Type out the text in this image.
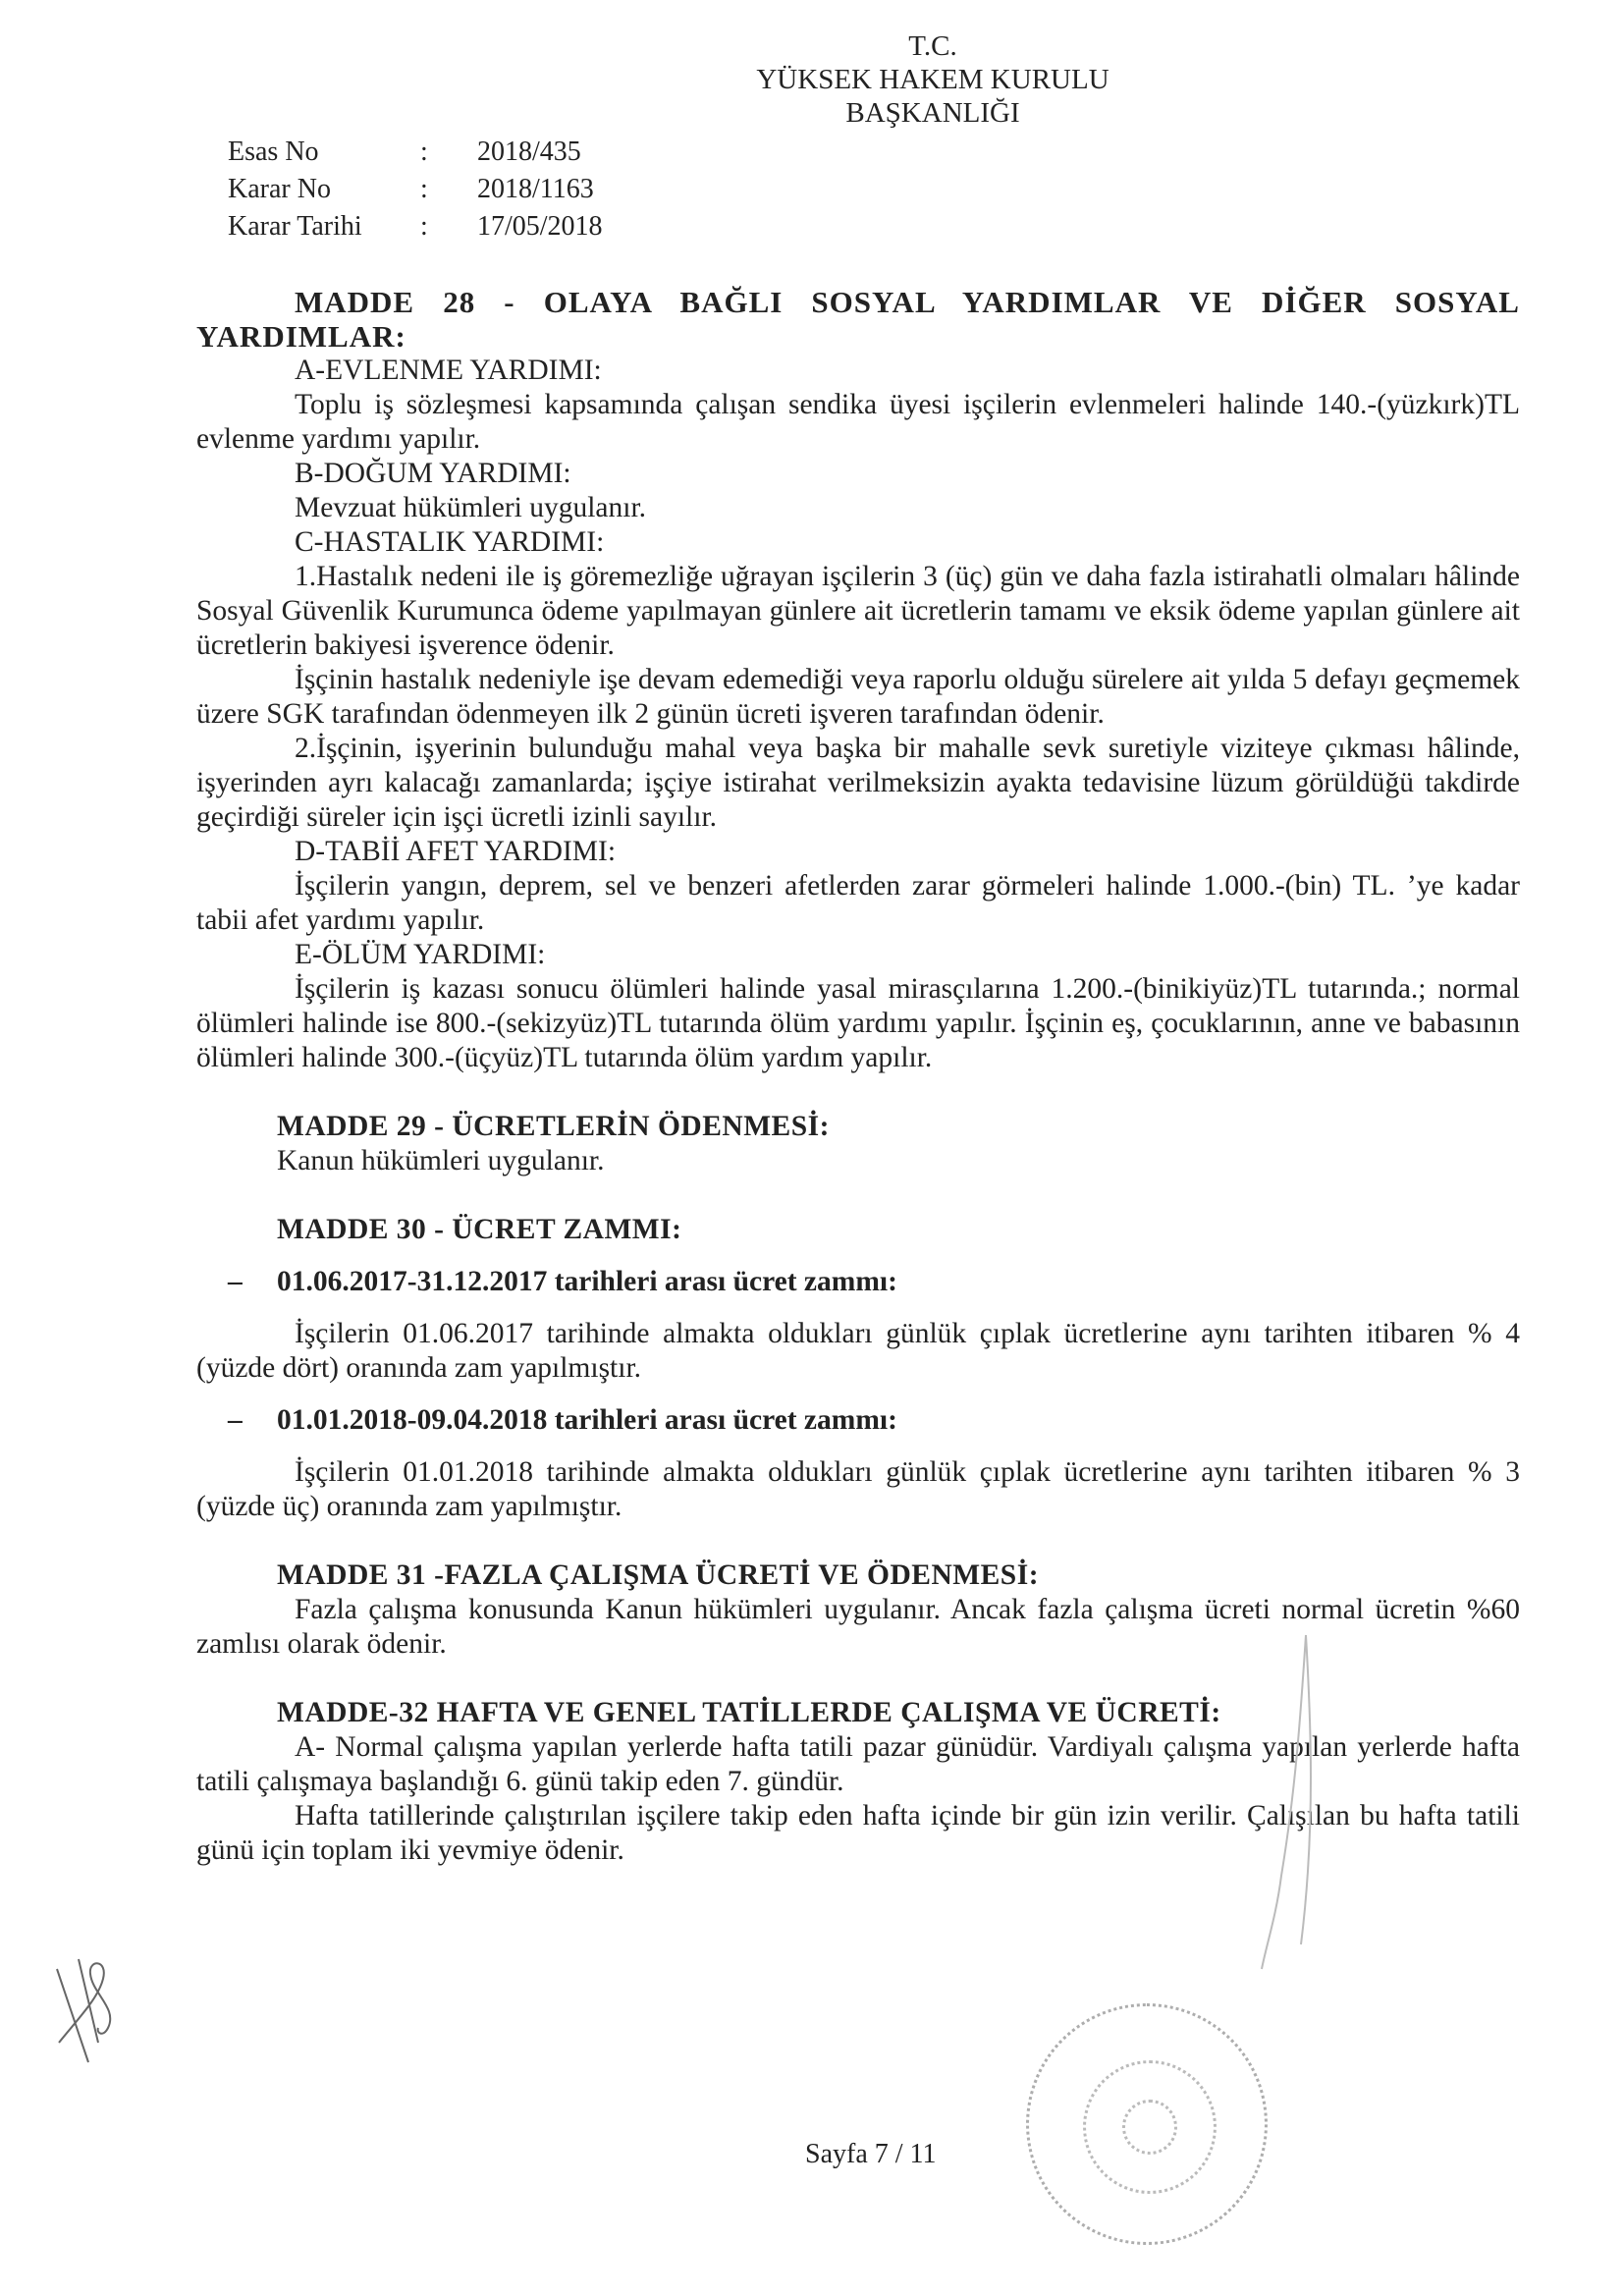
T.C.
YÜKSEK HAKEM KURULU
BAŞKANLIĞI
Esas No	:	2018/435
Karar No	:	2018/1163
Karar Tarihi	:	17/05/2018
MADDE 28 - OLAYA BAĞLI SOSYAL YARDIMLAR VE DİĞER SOSYAL YARDIMLAR:
A-EVLENME YARDIMI:
Toplu iş sözleşmesi kapsamında çalışan sendika üyesi işçilerin evlenmeleri halinde 140.-(yüzkırk)TL evlenme yardımı yapılır.
B-DOĞUM YARDIMI:
Mevzuat hükümleri uygulanır.
C-HASTALIK YARDIMI:
1.Hastalık nedeni ile iş göremezliğe uğrayan işçilerin 3 (üç) gün ve daha fazla istirahatli olmaları hâlinde Sosyal Güvenlik Kurumunca ödeme yapılmayan günlere ait ücretlerin tamamı ve eksik ödeme yapılan günlere ait ücretlerin bakiyesi işverence ödenir.
İşçinin hastalık nedeniyle işe devam edemediği veya raporlu olduğu sürelere ait yılda 5 defayı geçmemek üzere SGK tarafından ödenmeyen ilk 2 günün ücreti işveren tarafından ödenir.
2.İşçinin, işyerinin bulunduğu mahal veya başka bir mahalle sevk suretiyle viziteye çıkması hâlinde, işyerinden ayrı kalacağı zamanlarda; işçiye istirahat verilmeksizin ayakta tedavisine lüzum görüldüğü takdirde geçirdiği süreler için işçi ücretli izinli sayılır.
D-TABİİ AFET YARDIMI:
İşçilerin yangın, deprem, sel ve benzeri afetlerden zarar görmeleri halinde 1.000.-(bin) TL. ’ye kadar tabii afet yardımı yapılır.
E-ÖLÜM YARDIMI:
İşçilerin iş kazası sonucu ölümleri halinde yasal mirasçılarına 1.200.-(binikiyüz)TL tutarında.; normal ölümleri halinde ise 800.-(sekizyüz)TL tutarında ölüm yardımı yapılır. İşçinin eş, çocuklarının, anne ve babasının ölümleri halinde 300.-(üçyüz)TL tutarında ölüm yardım yapılır.
MADDE 29 - ÜCRETLERİN ÖDENMESİ:
Kanun hükümleri uygulanır.
MADDE 30 - ÜCRET ZAMMI:
–	01.06.2017-31.12.2017 tarihleri arası ücret zammı:
İşçilerin 01.06.2017 tarihinde almakta oldukları günlük çıplak ücretlerine aynı tarihten itibaren % 4 (yüzde dört) oranında zam yapılmıştır.
–	01.01.2018-09.04.2018 tarihleri arası ücret zammı:
İşçilerin 01.01.2018 tarihinde almakta oldukları günlük çıplak ücretlerine aynı tarihten itibaren % 3 (yüzde üç) oranında zam yapılmıştır.
MADDE 31 -FAZLA ÇALIŞMA ÜCRETİ VE ÖDENMESİ:
Fazla çalışma konusunda Kanun hükümleri uygulanır. Ancak fazla çalışma ücreti normal ücretin %60 zamlısı olarak ödenir.
MADDE-32 HAFTA VE GENEL TATİLLERDE ÇALIŞMA VE ÜCRETİ:
A- Normal çalışma yapılan yerlerde hafta tatili pazar günüdür. Vardiyalı çalışma yapılan yerlerde hafta tatili çalışmaya başlandığı 6. günü takip eden 7. gündür.
Hafta tatillerinde çalıştırılan işçilere takip eden hafta içinde bir gün izin verilir. Çalışılan bu hafta tatili günü için toplam iki yevmiye ödenir.
Sayfa 7 / 11
